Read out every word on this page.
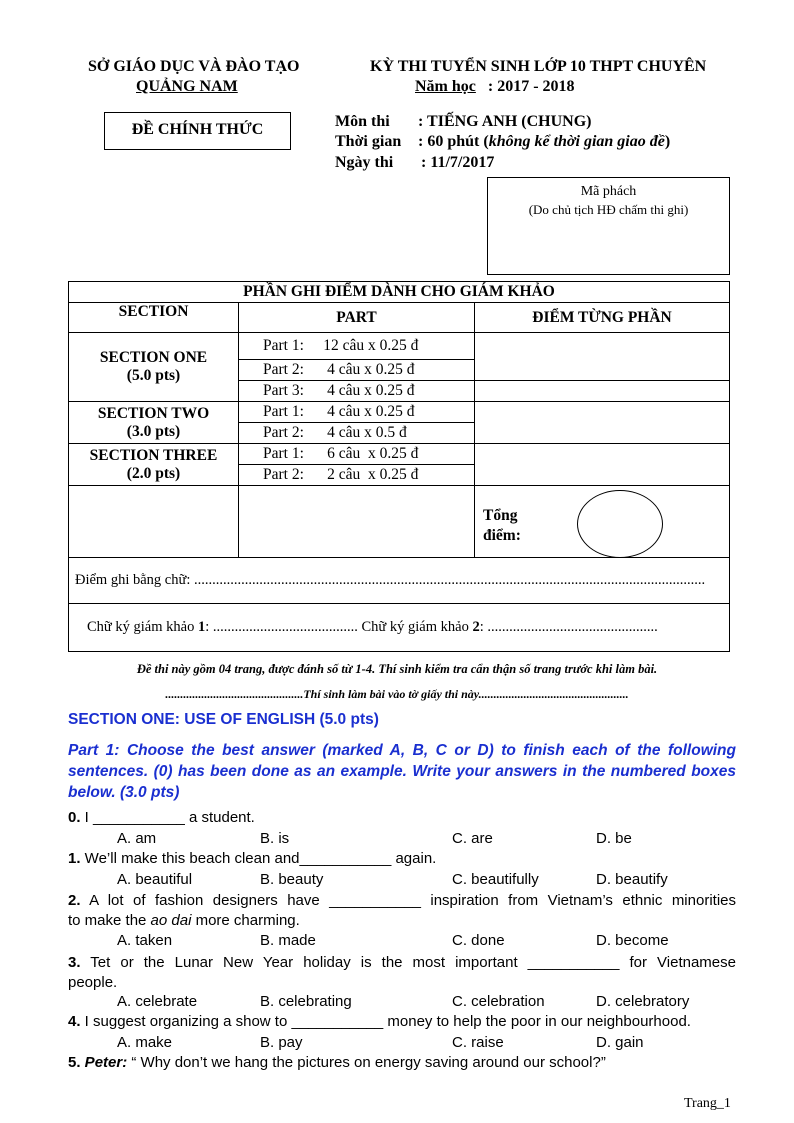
SỞ GIÁO DỤC VÀ ĐÀO TẠO
QUẢNG NAM
KỲ THI TUYỂN SINH LỚP 10 THPT CHUYÊN
Năm học : 2017 - 2018
ĐỀ CHÍNH THỨC	Môn thi : TIẾNG ANH (CHUNG)
Thời gian : 60 phút (không kể thời gian giao đề)
Ngày thi : 11/7/2017
Mã phách
(Do chủ tịch HĐ chấm thi ghi)
PHẦN GHI ĐIỂM DÀNH CHO GIÁM KHẢO		
SECTION	PART	ĐIỂM TỪNG PHẦN

SECTION ONE
(5.0 pts)	Part 1:     12 câu x 0.25 đ	
	Part 2:      4 câu x 0.25 đ	
	Part 3:      4 câu x 0.25 đ	

SECTION TWO
(3.0 pts)	Part 1:      4 câu x 0.25 đ	
	Part 2:      4 câu x 0.5 đ	

SECTION THREE
(2.0 pts)	Part 1:      6 câu  x 0.25 đ	
	Part 2:      2 câu  x 0.25 đ	

		Tổng
điểm:

Điểm ghi bằng chữ: .............................................................................................................................................		
Chữ ký giám khảo 1: ........................................ Chữ ký giám khảo 2: ...............................................		
Đề thi này gồm 04 trang, được đánh số từ 1-4. Thí sinh kiểm tra cẩn thận số trang trước khi làm bài.
..............................................Thí sinh làm bài vào tờ giấy thi này..................................................
SECTION ONE: USE OF ENGLISH (5.0 pts)
Part 1: Choose the best answer (marked A, B, C or D) to finish each of the following
sentences. (0) has been done as an example. Write your answers in the numbered boxes
below. (3.0 pts)
0. I ___________ a student.
A. am	B. is	C. are	D. be
1. We’ll make this beach clean and___________ again.
A. beautiful	B. beauty	C. beautifully	D. beautify
2. A lot of fashion designers have ___________ inspiration from Vietnam’s ethnic minorities
to make the ao dai more charming.
A. taken	B. made	C. done	D. become
3. Tet or the Lunar New Year holiday is the most important ___________ for Vietnamese
people.
A. celebrate	B. celebrating	C. celebration	D. celebratory
4. I suggest organizing a show to ___________ money to help the poor in our neighbourhood.
A. make	B. pay	C. raise	D. gain
5. Peter: “ Why don’t we hang the pictures on energy saving around our school?”
Trang_1
